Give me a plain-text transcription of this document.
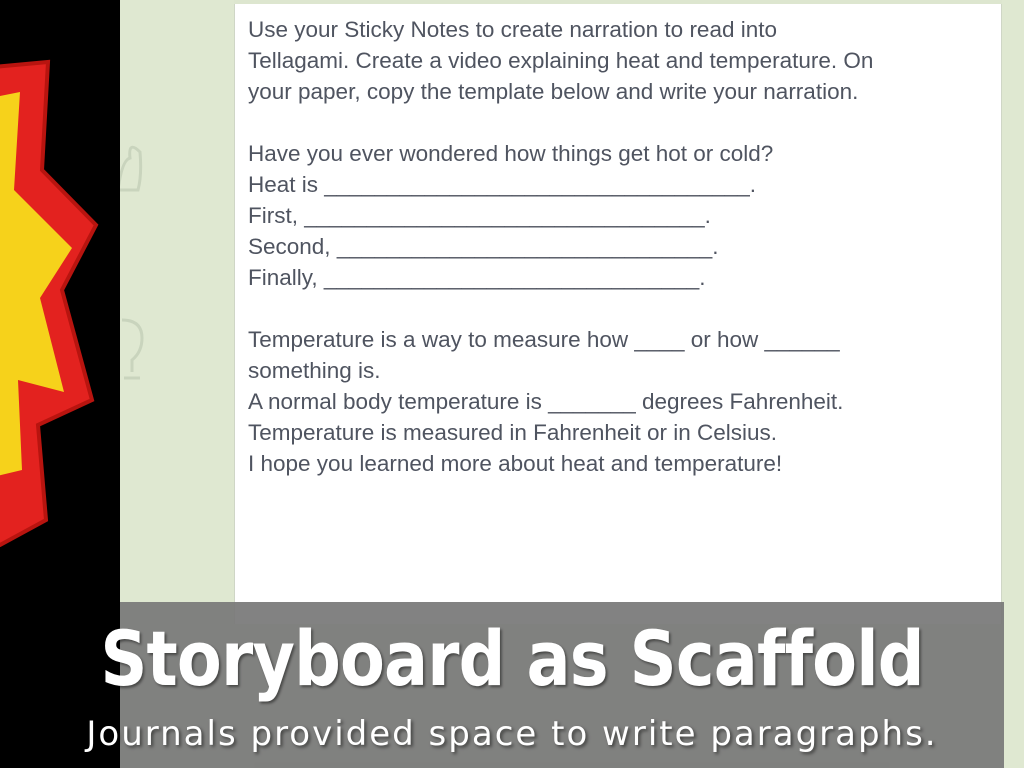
Use your Sticky Notes to create narration to read into
Tellagami. Create a video explaining heat and temperature. On
your paper, copy the template below and write your narration.
Have you ever wondered how things get hot or cold?
Heat is __________________________________.
First, ________________________________.
Second, ______________________________.
Finally, ______________________________.
Temperature is a way to measure how ____ or how ______
something is.
A normal body temperature is _______ degrees Fahrenheit.
Temperature is measured in Fahrenheit or in Celsius.
I hope you learned more about heat and temperature!
Storyboard as Scaffold
Journals provided space to write paragraphs.
